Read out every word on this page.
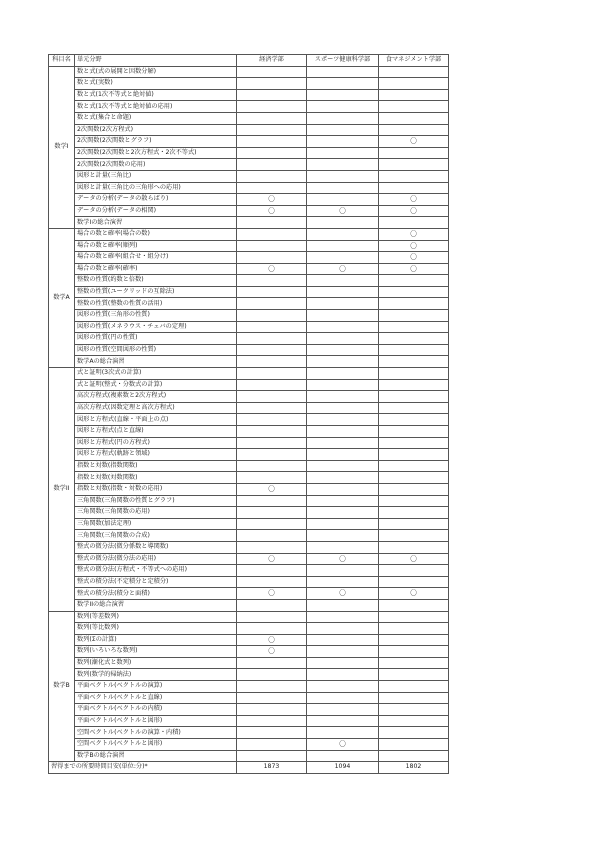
科目名	単元分野	経済学部	スポーツ健康科学部	食マネジメント学部
数学I	数と式(式の展開と因数分解)			
	数と式(実数)			
	数と式(1次不等式と絶対値)			
	数と式(1次不等式と絶対値の応用)			
	数と式(集合と命題)			
	2次関数(2次方程式)			
	2次関数(2次関数とグラフ)			〇
	2次関数(2次関数と2次方程式・2次不等式)			
	2次関数(2次関数の応用)			
	図形と計量(三角比)			
	図形と計量(三角比の三角形への応用)			
	データの分析(データの散らばり)	〇		〇
	データの分析(データの相関)	〇	〇	〇
	数学Iの総合演習			
数学A	場合の数と確率(場合の数)			〇
	場合の数と確率(順列)			〇
	場合の数と確率(組合せ・組分け)			〇
	場合の数と確率(確率)	〇	〇	〇
	整数の性質(約数と倍数)			
	整数の性質(ユークリッドの互除法)			
	整数の性質(整数の性質の活用)			
	図形の性質(三角形の性質)			
	図形の性質(メネラウス・チェバの定理)			
	図形の性質(円の性質)			
	図形の性質(空間図形の性質)			
	数学Aの総合演習			
数学II	式と証明(3次式の計算)			
	式と証明(整式・分数式の計算)			
	高次方程式(複素数と2次方程式)			
	高次方程式(因数定理と高次方程式)			
	図形と方程式(直線・平面上の点)			
	図形と方程式(点と直線)			
	図形と方程式(円の方程式)			
	図形と方程式(軌跡と領域)			
	指数と対数(指数関数)			
	指数と対数(対数関数)			
	指数と対数(指数・対数の応用)	〇		
	三角関数(三角関数の性質とグラフ)			
	三角関数(三角関数の応用)			
	三角関数(加法定理)			
	三角関数(三角関数の合成)			
	整式の微分法(微分係数と導関数)			
	整式の微分法(微分法の応用)	〇	〇	〇
	整式の微分法(方程式・不等式への応用)			
	整式の積分法(不定積分と定積分)			
	整式の積分法(積分と面積)	〇	〇	〇
	数学IIの総合演習			
数学B	数列(等差数列)			
	数列(等比数列)			
	数列(Σの計算)	〇		
	数列(いろいろな数列)	〇		
	数列(漸化式と数列)			
	数列(数学的帰納法)			
	平面ベクトル(ベクトルの演算)			
	平面ベクトル(ベクトルと直線)			
	平面ベクトル(ベクトルの内積)			
	平面ベクトル(ベクトルと図形)			
	空間ベクトル(ベクトルの演算・内積)			
	空間ベクトル(ベクトルと図形)		〇	
	数学Bの総合演習			
習得までの所要時間目安(単位:分)*		1873	1094	1802
